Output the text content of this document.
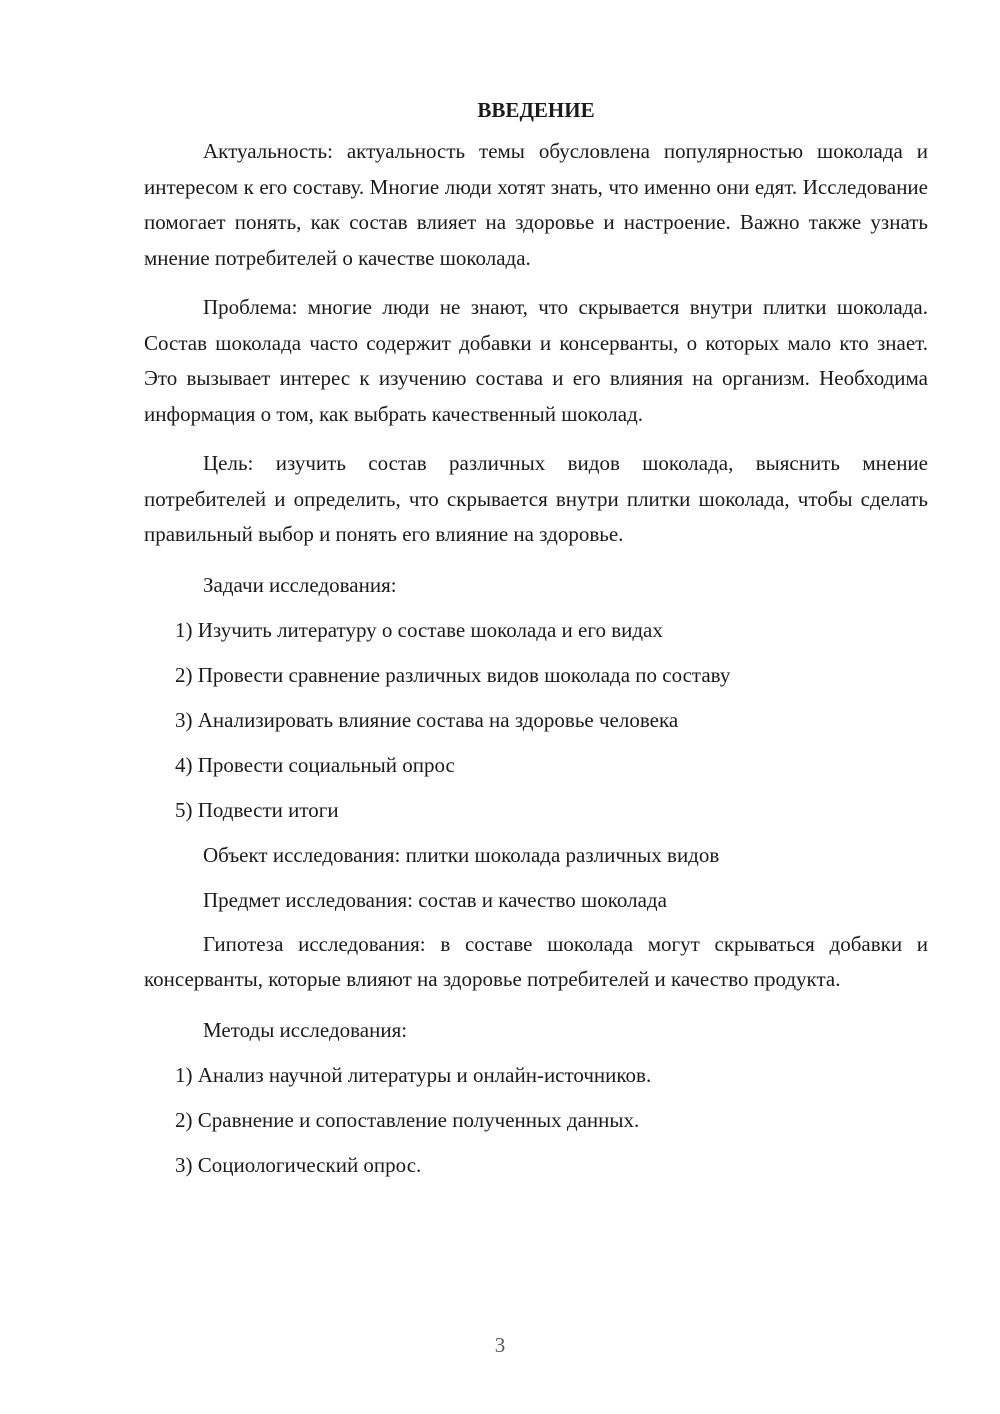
ВВЕДЕНИЕ

Актуальность: актуальность темы обусловлена популярностью шоколада и интересом к его составу. Многие люди хотят знать, что именно они едят. Исследование помогает понять, как состав влияет на здоровье и настроение. Важно также узнать мнение потребителей о качестве шоколада.

Проблема: многие люди не знают, что скрывается внутри плитки шоколада. Состав шоколада часто содержит добавки и консерванты, о которых мало кто знает. Это вызывает интерес к изучению состава и его влияния на организм. Необходима информация о том, как выбрать качественный шоколад.

Цель: изучить состав различных видов шоколада, выяснить мнение потребителей и определить, что скрывается внутри плитки шоколада, чтобы сделать правильный выбор и понять его влияние на здоровье.

Задачи исследования:
1) Изучить литературу о составе шоколада и его видах
2) Провести сравнение различных видов шоколада по составу
3) Анализировать влияние состава на здоровье человека
4) Провести социальный опрос
5) Подвести итоги
Объект исследования: плитки шоколада различных видов
Предмет исследования: состав и качество шоколада

Гипотеза исследования: в составе шоколада могут скрываться добавки и консерванты, которые влияют на здоровье потребителей и качество продукта.

Методы исследования:
1) Анализ научной литературы и онлайн-источников.
2) Сравнение и сопоставление полученных данных.
3) Социологический опрос.
3
